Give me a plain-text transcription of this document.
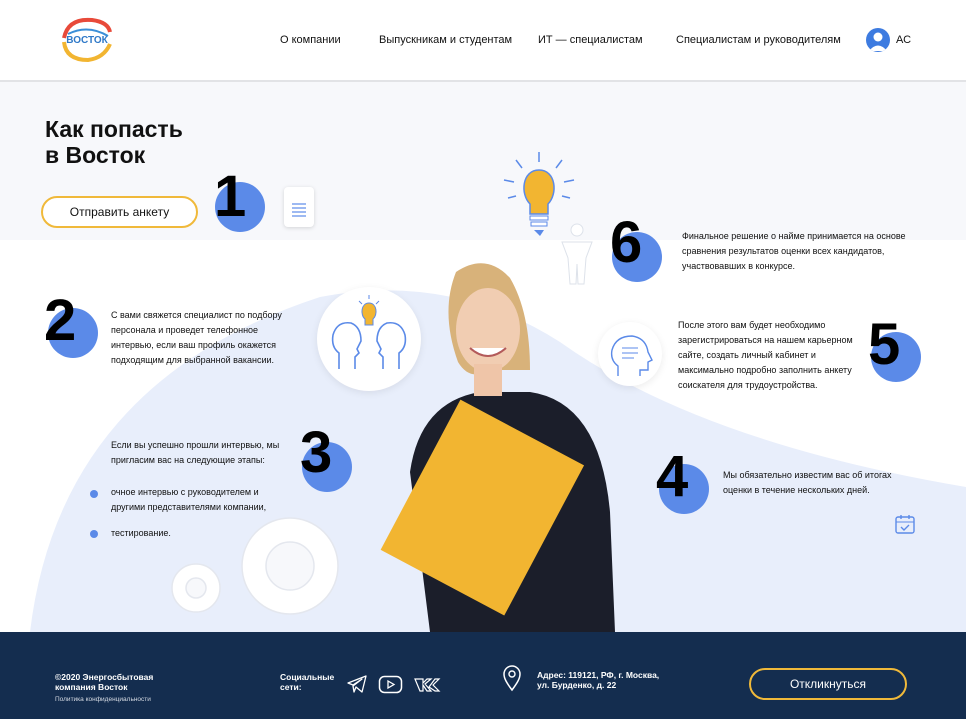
ВОСТОК	О компании	Выпускникам и студентам ИТ — специалистам	Специалистам и руководителям	АС
Как попасть
в Восток
Отправить анкету 1
6	Финальное решение о найме принимается на основе сравнения результатов оценки всех кандидатов, участвовавших в конкурсе.
2	С вами свяжется специалист по подбору персонала и проведет телефонное интервью, если ваш профиль окажется подходящим для выбранной вакансии.	5
После этого вам будет необходимо зарегистрироваться на нашем карьерном сайте, создать личный кабинет и максимально подробно заполнить анкету соискателя для трудоустройства.
3
Если вы успешно прошли интервью, мы пригласим вас на следующие этапы:
очное интервью с руководителем и другими представителями компании,
тестирование.
4	Мы обязательно известим вас об итогах оценки в течение нескольких дней.
©2020 Энергосбытовая
компания Восток
Политика конфиденциальности
Социальные
сети:
Адрес: 119121, РФ, г. Москва,
ул. Бурденко, д. 22	Откликнуться
